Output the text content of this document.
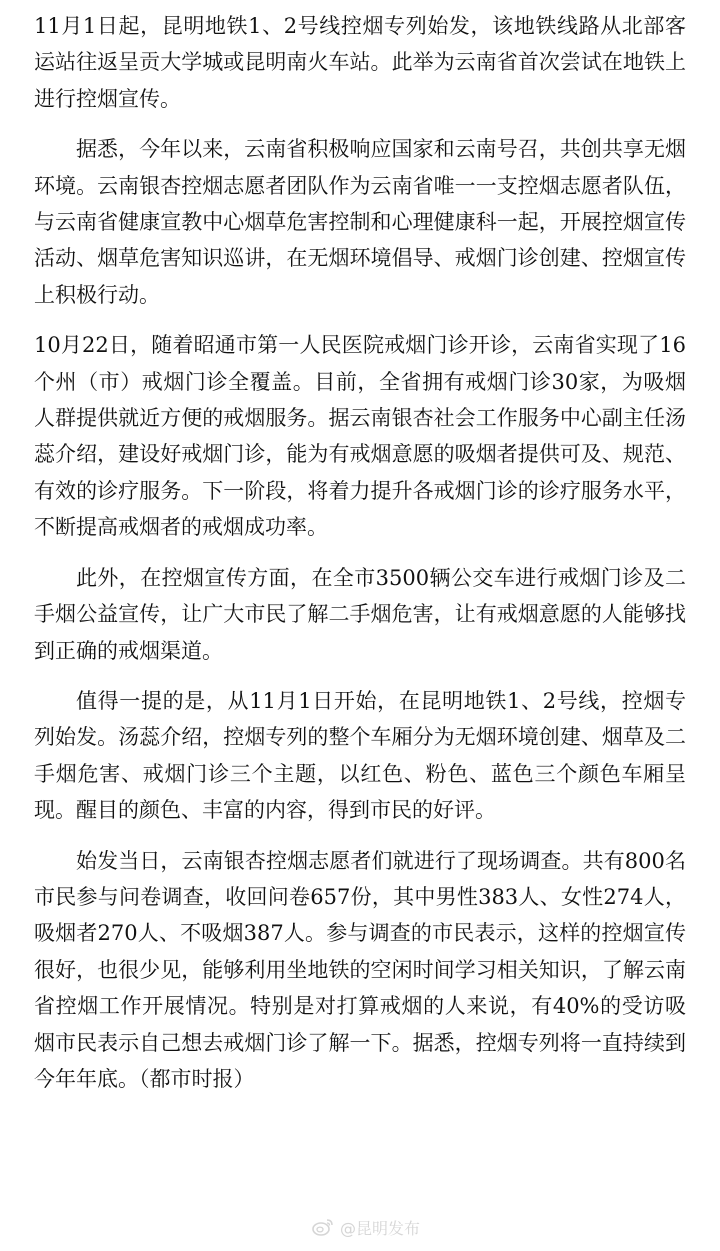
11月1日起，昆明地铁1、2号线控烟专列始发，该地铁线路从北部客运站往返呈贡大学城或昆明南火车站。此举为云南省首次尝试在地铁上进行控烟宣传。

据悉，今年以来，云南省积极响应国家和云南号召，共创共享无烟环境。云南银杏控烟志愿者团队作为云南省唯一一支控烟志愿者队伍，与云南省健康宣教中心烟草危害控制和心理健康科一起，开展控烟宣传活动、烟草危害知识巡讲，在无烟环境倡导、戒烟门诊创建、控烟宣传上积极行动。

10月22日，随着昭通市第一人民医院戒烟门诊开诊，云南省实现了16个州（市）戒烟门诊全覆盖。目前，全省拥有戒烟门诊30家，为吸烟人群提供就近方便的戒烟服务。据云南银杏社会工作服务中心副主任汤蕊介绍，建设好戒烟门诊，能为有戒烟意愿的吸烟者提供可及、规范、有效的诊疗服务。下一阶段，将着力提升各戒烟门诊的诊疗服务水平，不断提高戒烟者的戒烟成功率。

此外，在控烟宣传方面，在全市3500辆公交车进行戒烟门诊及二手烟公益宣传，让广大市民了解二手烟危害，让有戒烟意愿的人能够找到正确的戒烟渠道。

值得一提的是，从11月1日开始，在昆明地铁1、2号线，控烟专列始发。汤蕊介绍，控烟专列的整个车厢分为无烟环境创建、烟草及二手烟危害、戒烟门诊三个主题，以红色、粉色、蓝色三个颜色车厢呈现。醒目的颜色、丰富的内容，得到市民的好评。

始发当日，云南银杏控烟志愿者们就进行了现场调查。共有800名市民参与问卷调查，收回问卷657份，其中男性383人、女性274人，吸烟者270人、不吸烟387人。参与调查的市民表示，这样的控烟宣传很好，也很少见，能够利用坐地铁的空闲时间学习相关知识，了解云南省控烟工作开展情况。特别是对打算戒烟的人来说，有40%的受访吸烟市民表示自己想去戒烟门诊了解一下。据悉，控烟专列将一直持续到今年年底。（都市时报）

@昆明发布
